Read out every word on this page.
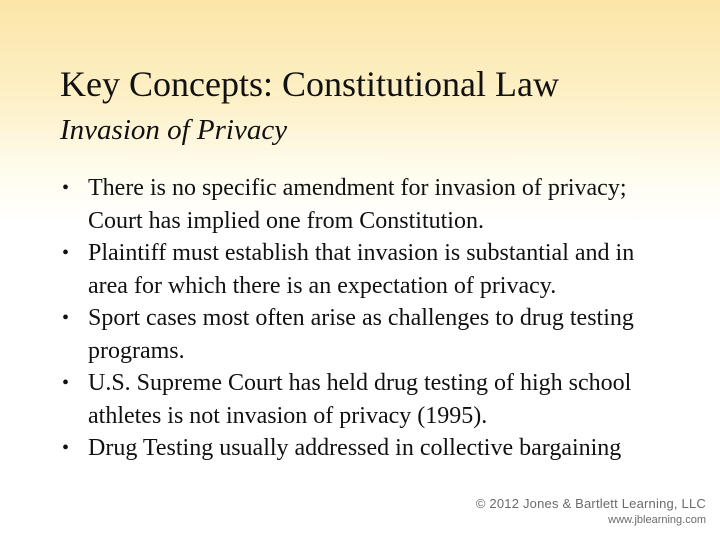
Key Concepts: Constitutional Law
Invasion of Privacy
• There is no specific amendment for invasion of privacy; Court has implied one from Constitution.
• Plaintiff must establish that invasion is substantial and in area for which there is an expectation of privacy.
• Sport cases most often arise as challenges to drug testing programs.
• U.S. Supreme Court has held drug testing of high school athletes is not invasion of privacy (1995).
• Drug Testing usually addressed in collective bargaining
© 2012 Jones & Bartlett Learning, LLC
www.jblearning.com
